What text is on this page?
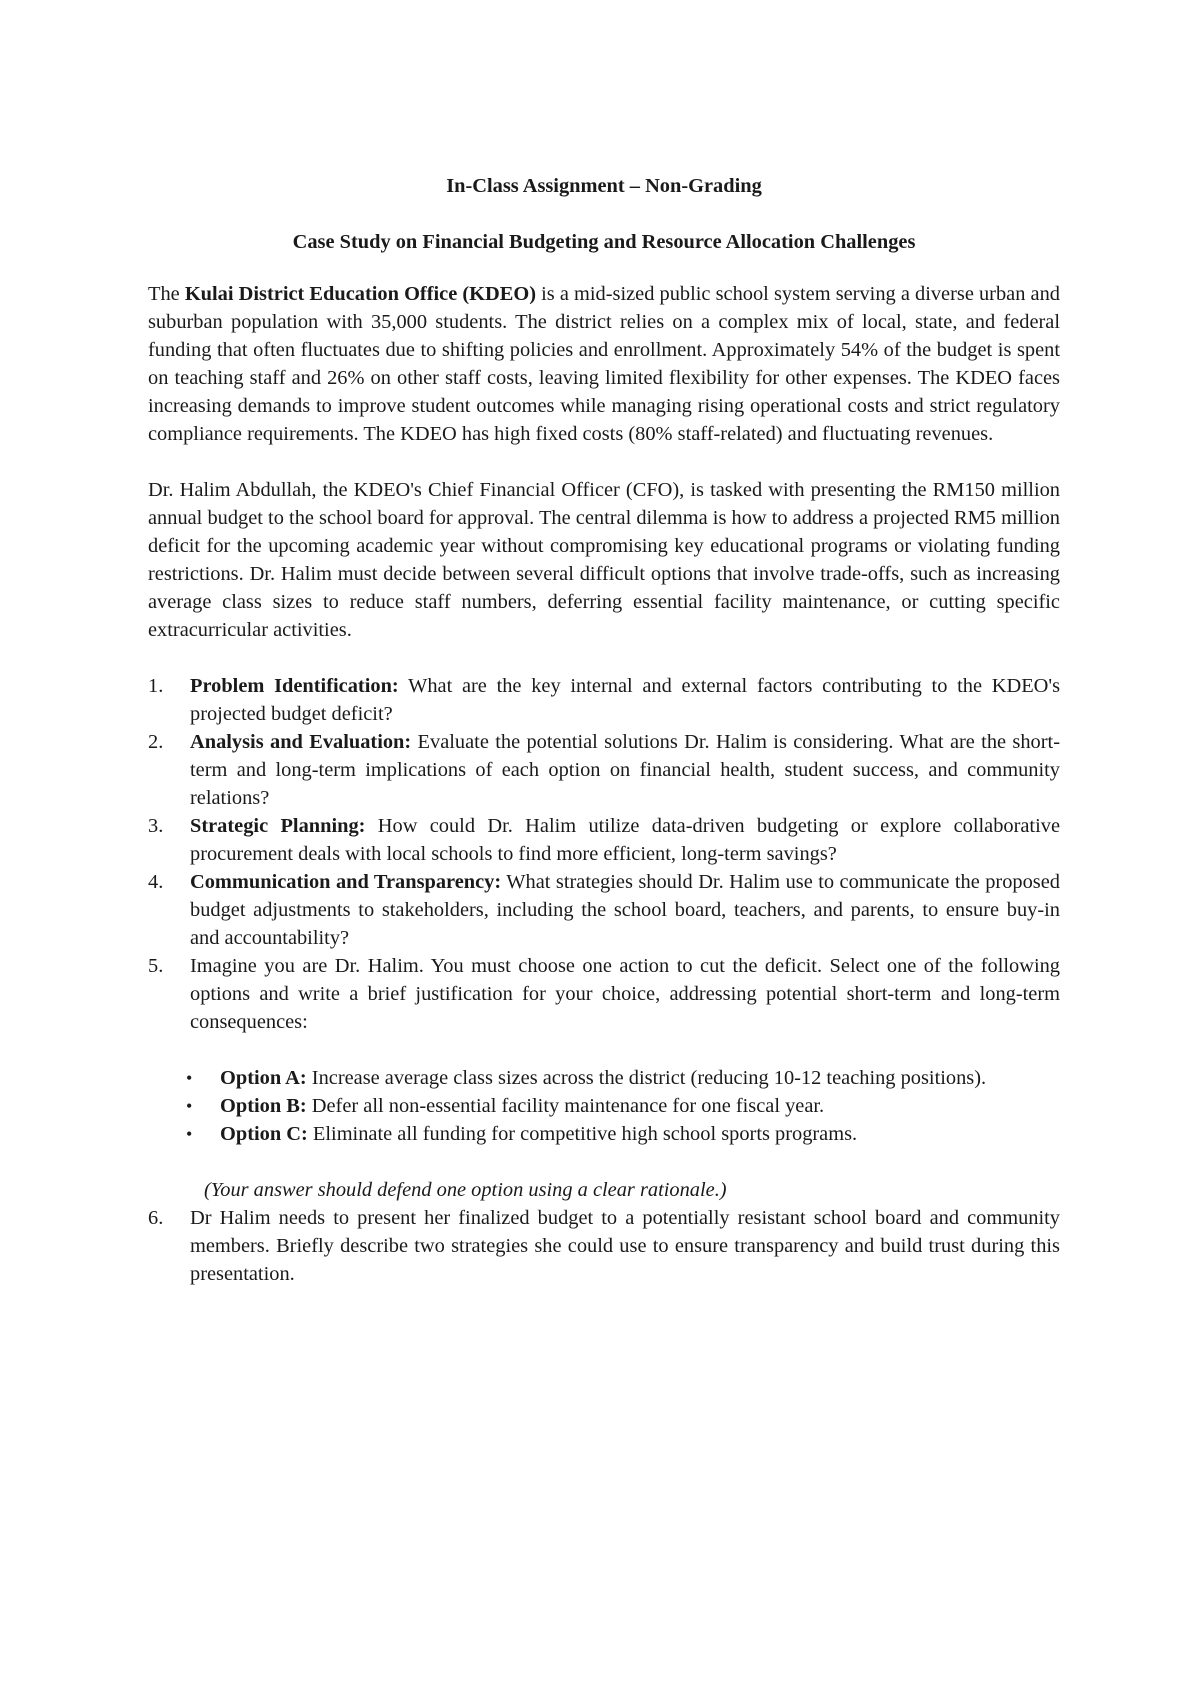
In-Class Assignment – Non-Grading
Case Study on Financial Budgeting and Resource Allocation Challenges

The Kulai District Education Office (KDEO) is a mid-sized public school system serving a diverse urban and suburban population with 35,000 students. The district relies on a complex mix of local, state, and federal funding that often fluctuates due to shifting policies and enrollment. Approximately 54% of the budget is spent on teaching staff and 26% on other staff costs, leaving limited flexibility for other expenses. The KDEO faces increasing demands to improve student outcomes while managing rising operational costs and strict regulatory compliance requirements. The KDEO has high fixed costs (80% staff-related) and fluctuating revenues.

Dr. Halim Abdullah, the KDEO's Chief Financial Officer (CFO), is tasked with presenting the RM150 million annual budget to the school board for approval. The central dilemma is how to address a projected RM5 million deficit for the upcoming academic year without compromising key educational programs or violating funding restrictions. Dr. Halim must decide between several difficult options that involve trade-offs, such as increasing average class sizes to reduce staff numbers, deferring essential facility maintenance, or cutting specific extracurricular activities.

1. Problem Identification: What are the key internal and external factors contributing to the KDEO's projected budget deficit?
2. Analysis and Evaluation: Evaluate the potential solutions Dr. Halim is considering. What are the short-term and long-term implications of each option on financial health, student success, and community relations?
3. Strategic Planning: How could Dr. Halim utilize data-driven budgeting or explore collaborative procurement deals with local schools to find more efficient, long-term savings?
4. Communication and Transparency: What strategies should Dr. Halim use to communicate the proposed budget adjustments to stakeholders, including the school board, teachers, and parents, to ensure buy-in and accountability?
5. Imagine you are Dr. Halim. You must choose one action to cut the deficit. Select one of the following options and write a brief justification for your choice, addressing potential short-term and long-term consequences:
• Option A: Increase average class sizes across the district (reducing 10-12 teaching positions).
• Option B: Defer all non-essential facility maintenance for one fiscal year.
• Option C: Eliminate all funding for competitive high school sports programs.
(Your answer should defend one option using a clear rationale.)
6. Dr Halim needs to present her finalized budget to a potentially resistant school board and community members. Briefly describe two strategies she could use to ensure transparency and build trust during this presentation.
